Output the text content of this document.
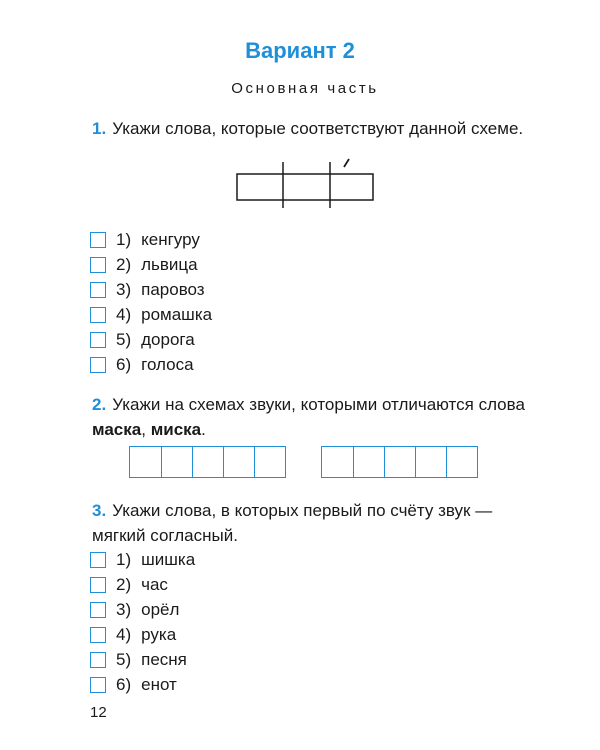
Вариант 2
Основная часть
1. Укажи слова, которые соответствуют данной схеме.
1) кенгуру
2) львица
3) паровоз
4) ромашка
5) дорога
6) голоса
2. Укажи на схемах звуки, которыми отличаются слова маска, миска.
3. Укажи слова, в которых первый по счёту звук — мягкий согласный.
1) шишка
2) час
3) орёл
4) рука
5) песня
6) енот
12
